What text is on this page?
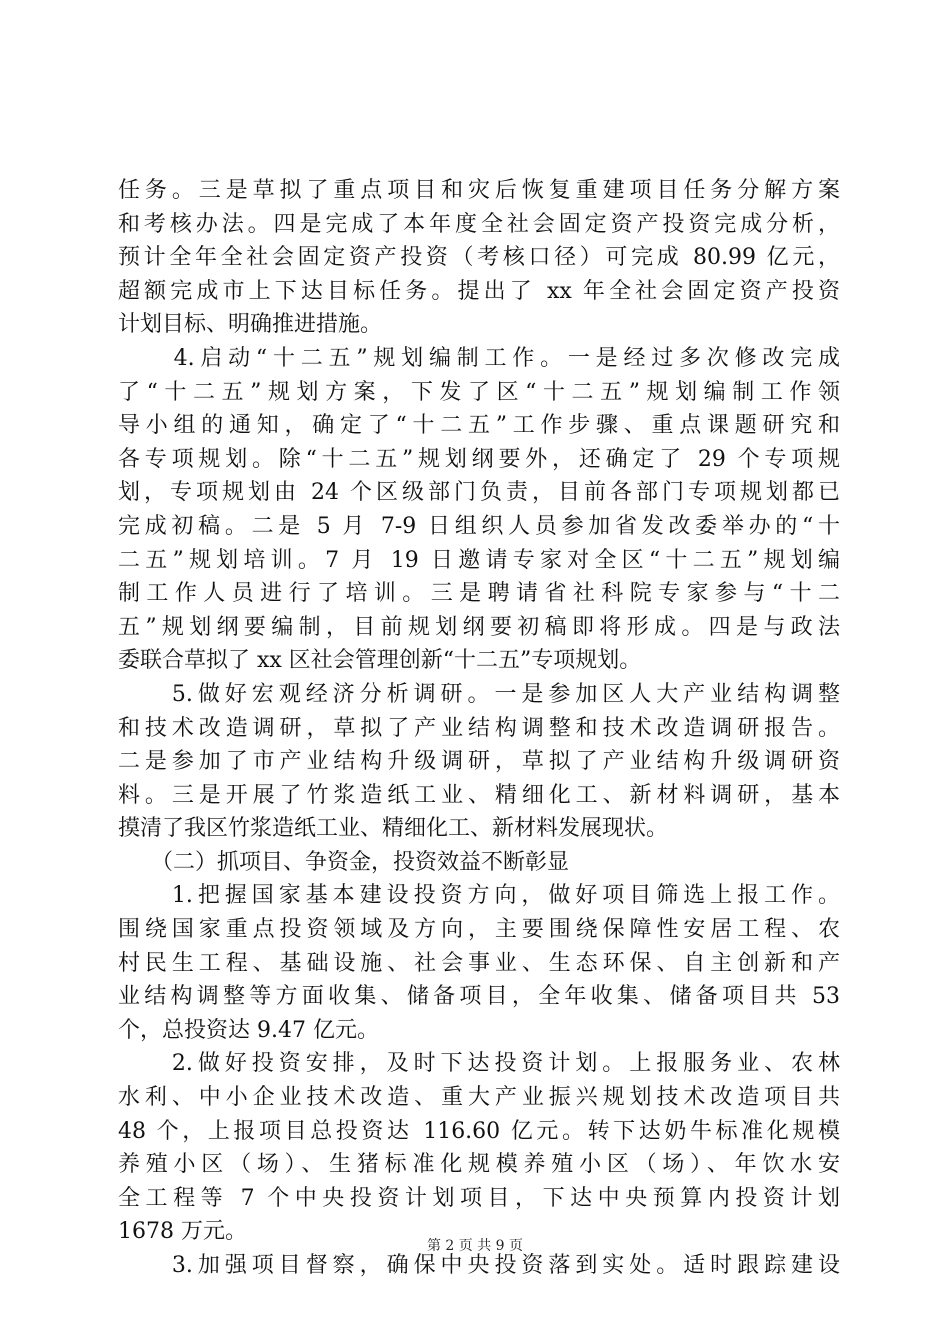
任务。三是草拟了重点项目和灾后恢复重建项目任务分解方案
和考核办法。四是完成了本年度全社会固定资产投资完成分析，
预计全年全社会固定资产投资（考核口径）可完成 80.99 亿元，
超额完成市上下达目标任务。提出了 xx 年全社会固定资产投资
计划目标、明确推进措施。
　　4.启动“十二五”规划编制工作。一是经过多次修改完成
了“十二五”规划方案，下发了区“十二五”规划编制工作领
导小组的通知，确定了“十二五”工作步骤、重点课题研究和
各专项规划。除“十二五”规划纲要外，还确定了 29 个专项规
划，专项规划由 24 个区级部门负责，目前各部门专项规划都已
完成初稿。二是 5 月 7-9 日组织人员参加省发改委举办的“十
二五”规划培训。7 月 19 日邀请专家对全区“十二五”规划编
制工作人员进行了培训。三是聘请省社科院专家参与“十二
五”规划纲要编制，目前规划纲要初稿即将形成。四是与政法
委联合草拟了 xx 区社会管理创新“十二五”专项规划。
　　5.做好宏观经济分析调研。一是参加区人大产业结构调整
和技术改造调研，草拟了产业结构调整和技术改造调研报告。
二是参加了市产业结构升级调研，草拟了产业结构升级调研资
料。三是开展了竹浆造纸工业、精细化工、新材料调研，基本
摸清了我区竹浆造纸工业、精细化工、新材料发展现状。
　　（二）抓项目、争资金，投资效益不断彰显
　　1.把握国家基本建设投资方向，做好项目筛选上报工作。
围绕国家重点投资领域及方向，主要围绕保障性安居工程、农
村民生工程、基础设施、社会事业、生态环保、自主创新和产
业结构调整等方面收集、储备项目，全年收集、储备项目共 53
个，总投资达 9.47 亿元。
　　2.做好投资安排，及时下达投资计划。上报服务业、农林
水利、中小企业技术改造、重大产业振兴规划技术改造项目共
48 个，上报项目总投资达 116.60 亿元。转下达奶牛标准化规模
养殖小区（场）、生猪标准化规模养殖小区（场）、年饮水安
全工程等 7 个中央投资计划项目，下达中央预算内投资计划
1678 万元。
　　3.加强项目督察，确保中央投资落到实处。适时跟踪建设
第 2 页 共 9 页
